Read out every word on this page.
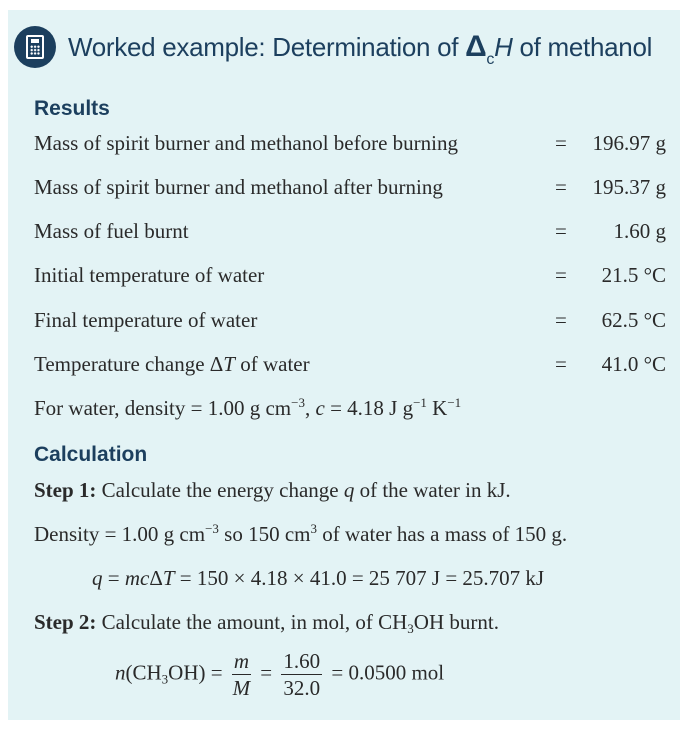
Worked example: Determination of $\Delta_cH$ of methanol
Results
Mass of spirit burner and methanol before burning	= 196.97 g
Mass of spirit burner and methanol after burning	= 195.37 g
Mass of fuel burnt	= 1.60 g
Initial temperature of water	= 21.5 °C
Final temperature of water	= 62.5 °C
Temperature change ΔT of water	= 41.0 °C
For water, density = 1.00 g $cm^{-3}$, c = 4.18 J $g^{-1}$ $K^{-1}$
Calculation
Step 1: Calculate the energy change q of the water in kJ.
Density = 1.00 g $cm^{-3}$ so 150 $cm^3$ of water has a mass of 150 g.
q = mcΔT = 150 × 4.18 × 41.0 = 25 707 J = 25.707 kJ
Step 2: Calculate the amount, in mol, of $CH_3OH$ burnt.
$n(CH_3OH) = \frac{m}{M} = \frac{1.60}{32.0} = 0.0500$ mol
